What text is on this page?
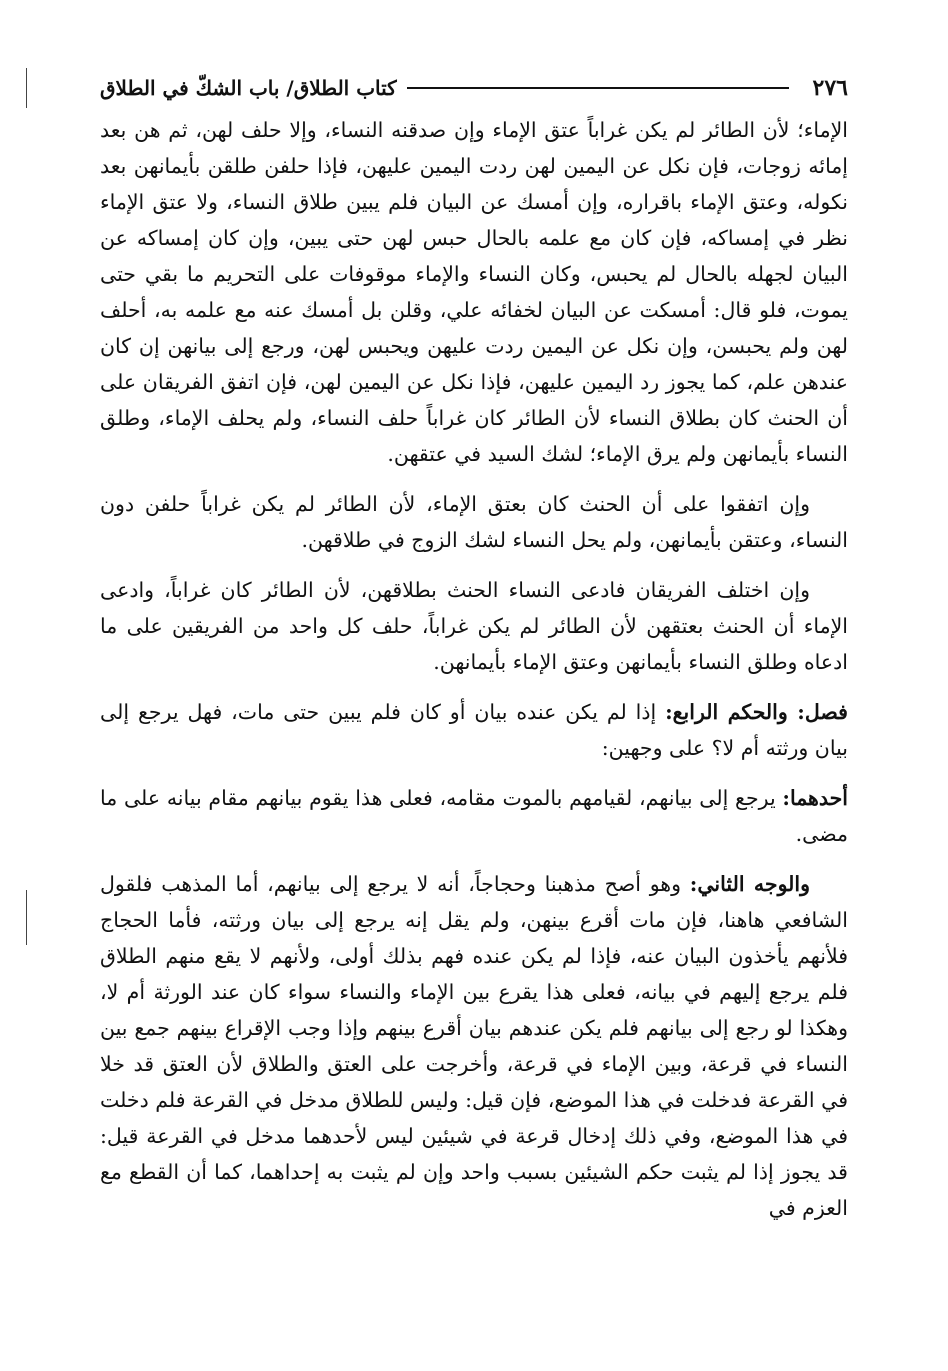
٢٧٦
كتاب الطلاق/ باب الشكّ في الطلاق

الإماء؛ لأن الطائر لم يكن غراباً عتق الإماء وإن صدقنه النساء، وإلا حلف لهن، ثم هن بعد إمائه زوجات، فإن نكل عن اليمين لهن ردت اليمين عليهن، فإذا حلفن طلقن بأيمانهن بعد نكوله، وعتق الإماء باقراره، وإن أمسك عن البيان فلم يبين طلاق النساء، ولا عتق الإماء نظر في إمساكه، فإن كان مع علمه بالحال حبس لهن حتى يبين، وإن كان إمساكه عن البيان لجهله بالحال لم يحبس، وكان النساء والإماء موقوفات على التحريم ما بقي حتى يموت، فلو قال: أمسكت عن البيان لخفائه علي، وقلن بل أمسك عنه مع علمه به، أحلف لهن ولم يحبسن، وإن نكل عن اليمين ردت عليهن ويحبس لهن، ورجع إلى بيانهن إن كان عندهن علم، كما يجوز رد اليمين عليهن، فإذا نكل عن اليمين لهن، فإن اتفق الفريقان على أن الحنث كان بطلاق النساء لأن الطائر كان غراباً حلف النساء، ولم يحلف الإماء، وطلق النساء بأيمانهن ولم يرق الإماء؛ لشك السيد في عتقهن.

وإن اتفقوا على أن الحنث كان بعتق الإماء، لأن الطائر لم يكن غراباً حلفن دون النساء، وعتقن بأيمانهن، ولم يحل النساء لشك الزوج في طلاقهن.

وإن اختلف الفريقان فادعى النساء الحنث بطلاقهن، لأن الطائر كان غراباً، وادعى الإماء أن الحنث بعتقهن لأن الطائر لم يكن غراباً، حلف كل واحد من الفريقين على ما ادعاه وطلق النساء بأيمانهن وعتق الإماء بأيمانهن.

فصل: والحكم الرابع: إذا لم يكن عنده بيان أو كان فلم يبين حتى مات، فهل يرجع إلى بيان ورثته أم لا؟ على وجهين:

أحدهما: يرجع إلى بيانهم، لقيامهم بالموت مقامه، فعلى هذا يقوم بيانهم مقام بيانه على ما مضى.

والوجه الثاني: وهو أصح مذهبنا وحجاجاً، أنه لا يرجع إلى بيانهم، أما المذهب فلقول الشافعي هاهنا، فإن مات أقرع بينهن، ولم يقل إنه يرجع إلى بيان ورثته، فأما الحجاج فلأنهم يأخذون البيان عنه، فإذا لم يكن عنده فهم بذلك أولى، ولأنهم لا يقع منهم الطلاق فلم يرجع إليهم في بيانه، فعلى هذا يقرع بين الإماء والنساء سواء كان عند الورثة أم لا، وهكذا لو رجع إلى بيانهم فلم يكن عندهم بيان أقرع بينهم وإذا وجب الإقراع بينهم جمع بين النساء في قرعة، وبين الإماء في قرعة، وأخرجت على العتق والطلاق لأن العتق قد خلا في القرعة فدخلت في هذا الموضع، فإن قيل: وليس للطلاق مدخل في القرعة فلم دخلت في هذا الموضع، وفي ذلك إدخال قرعة في شيئين ليس لأحدهما مدخل في القرعة قيل: قد يجوز إذا لم يثبت حكم الشيئين بسبب واحد وإن لم يثبت به إحداهما، كما أن القطع مع العزم في
